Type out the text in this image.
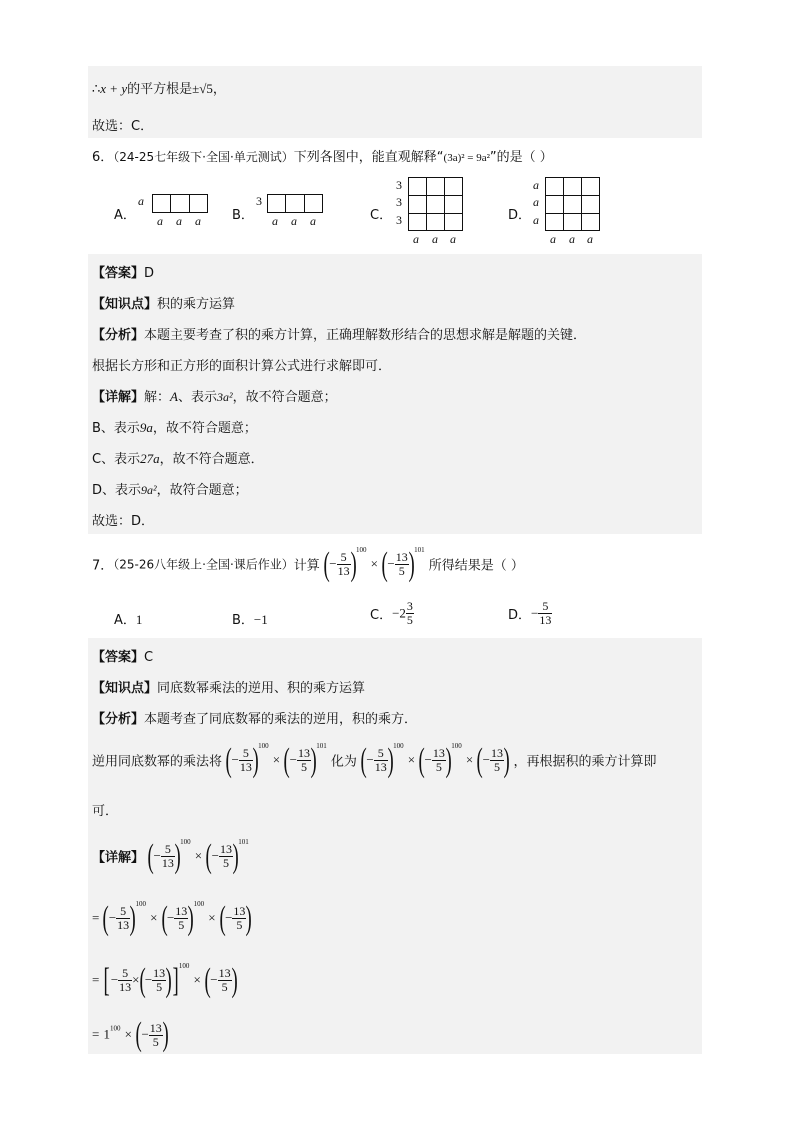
∴x + y的平方根是±√5，
故选：C．
6．（24-25七年级下·全国·单元测试）下列各图中，能直观解释“(3a)² = 9a²”的是（ ）
A．
a
a a a B．
3
a a a	C．
3
3
3
a a a
D．
a
a
a
a a a
【答案】D
【知识点】积的乘方运算
【分析】本题主要考查了积的乘方计算，正确理解数形结合的思想求解是解题的关键．
根据长方形和正方形的面积计算公式进行求解即可．
【详解】解：A、表示3a²，故不符合题意；
B、表示9a，故不符合题意；
C、表示27a，故不符合题意．
D、表示9a²，故符合题意；
故选：D．
7．（25-26八年级上·全国·课后作业）计算 (− $\frac{5}{13} )^{100}$ × (− $\frac{13}{5} )^{101}$ 所得结果是（ ）
A．1	B．−1	C．$-2 \frac{3}{5}$	D．− $\frac{5}{13}$
【答案】C
【知识点】同底数幂乘法的逆用、积的乘方运算
【分析】本题考查了同底数幂的乘法的逆用，积的乘方．
逆用同底数幂的乘法将 (− $\frac{5}{13} )^{100}$ × (− $\frac{13}{5} )^{101}$ 化为 (− $\frac{5}{13} )^{100}$ × (− $\frac{13}{5} )^{100}$ × (− $\frac{13}{5}$ ) ，再根据积的乘方计算即
可．
【详解】 (− $\frac{5}{13} )^{100}$ × (− $\frac{13}{5} )^{101}$
= (− $\frac{5}{13} )^{100}$ × (− $\frac{13}{5} )^{100}$ × (− $\frac{13}{5}$ )
= [− $\frac{5}{13}$ ×(− $\frac{13}{5} )]^{100}$ × (− $\frac{13}{5}$ )
= $1^{100}$ × (− $\frac{13}{5}$ )
